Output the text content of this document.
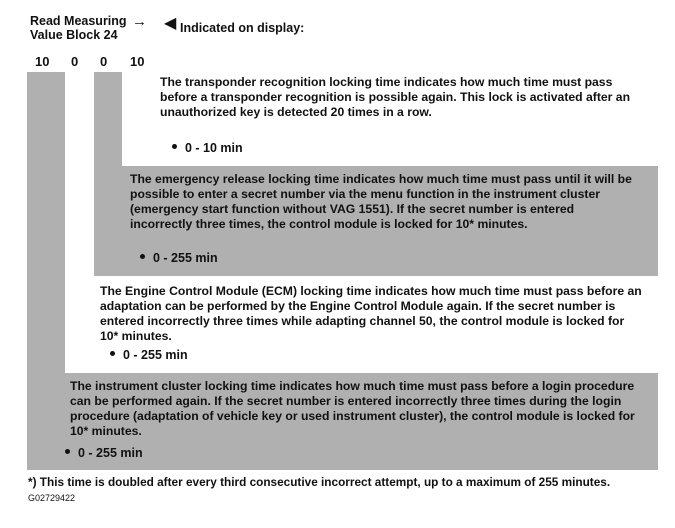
Read Measuring
Value Block 24
→ ◀ Indicated on display:
10 0 0 10
The transponder recognition locking time indicates how much time must pass before a transponder recognition is possible again. This lock is activated after an unauthorized key is detected 20 times in a row.
0 - 10 min
The emergency release locking time indicates how much time must pass until it will be possible to enter a secret number via the menu function in the instrument cluster (emergency start function without VAG 1551). If the secret number is entered incorrectly three times, the control module is locked for 10* minutes.
0 - 255 min
The Engine Control Module (ECM) locking time indicates how much time must pass before an adaptation can be performed by the Engine Control Module again. If the secret number is entered incorrectly three times while adapting channel 50, the control module is locked for 10* minutes.
0 - 255 min
The instrument cluster locking time indicates how much time must pass before a login procedure can be performed again. If the secret number is entered incorrectly three times during the login procedure (adaptation of vehicle key or used instrument cluster), the control module is locked for 10* minutes.
0 - 255 min
*) This time is doubled after every third consecutive incorrect attempt, up to a maximum of 255 minutes.
G02729422
